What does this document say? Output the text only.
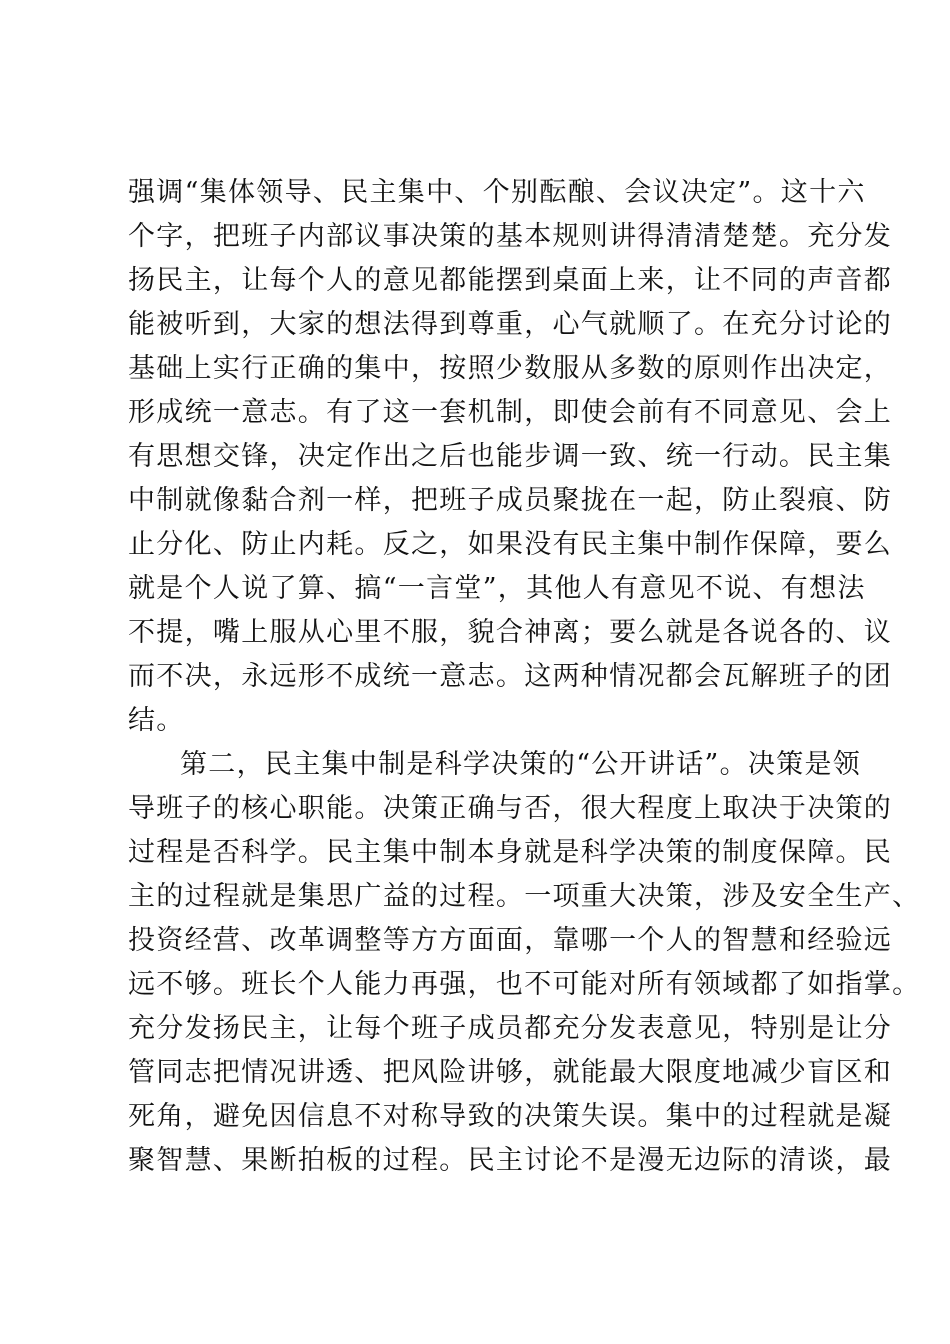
强调“集体领导、民主集中、个别酝酿、会议决定”。这十六
个字，把班子内部议事决策的基本规则讲得清清楚楚。充分发
扬民主，让每个人的意见都能摆到桌面上来，让不同的声音都
能被听到，大家的想法得到尊重，心气就顺了。在充分讨论的
基础上实行正确的集中，按照少数服从多数的原则作出决定，
形成统一意志。有了这一套机制，即使会前有不同意见、会上
有思想交锋，决定作出之后也能步调一致、统一行动。民主集
中制就像黏合剂一样，把班子成员聚拢在一起，防止裂痕、防
止分化、防止内耗。反之，如果没有民主集中制作保障，要么
就是个人说了算、搞“一言堂”，其他人有意见不说、有想法
不提，嘴上服从心里不服，貌合神离；要么就是各说各的、议
而不决，永远形不成统一意志。这两种情况都会瓦解班子的团
结。
第二，民主集中制是科学决策的“公开讲话”。决策是领
导班子的核心职能。决策正确与否，很大程度上取决于决策的
过程是否科学。民主集中制本身就是科学决策的制度保障。民
主的过程就是集思广益的过程。一项重大决策，涉及安全生产、
投资经营、改革调整等方方面面，靠哪一个人的智慧和经验远
远不够。班长个人能力再强，也不可能对所有领域都了如指掌。
充分发扬民主，让每个班子成员都充分发表意见，特别是让分
管同志把情况讲透、把风险讲够，就能最大限度地减少盲区和
死角，避免因信息不对称导致的决策失误。集中的过程就是凝
聚智慧、果断拍板的过程。民主讨论不是漫无边际的清谈，最
